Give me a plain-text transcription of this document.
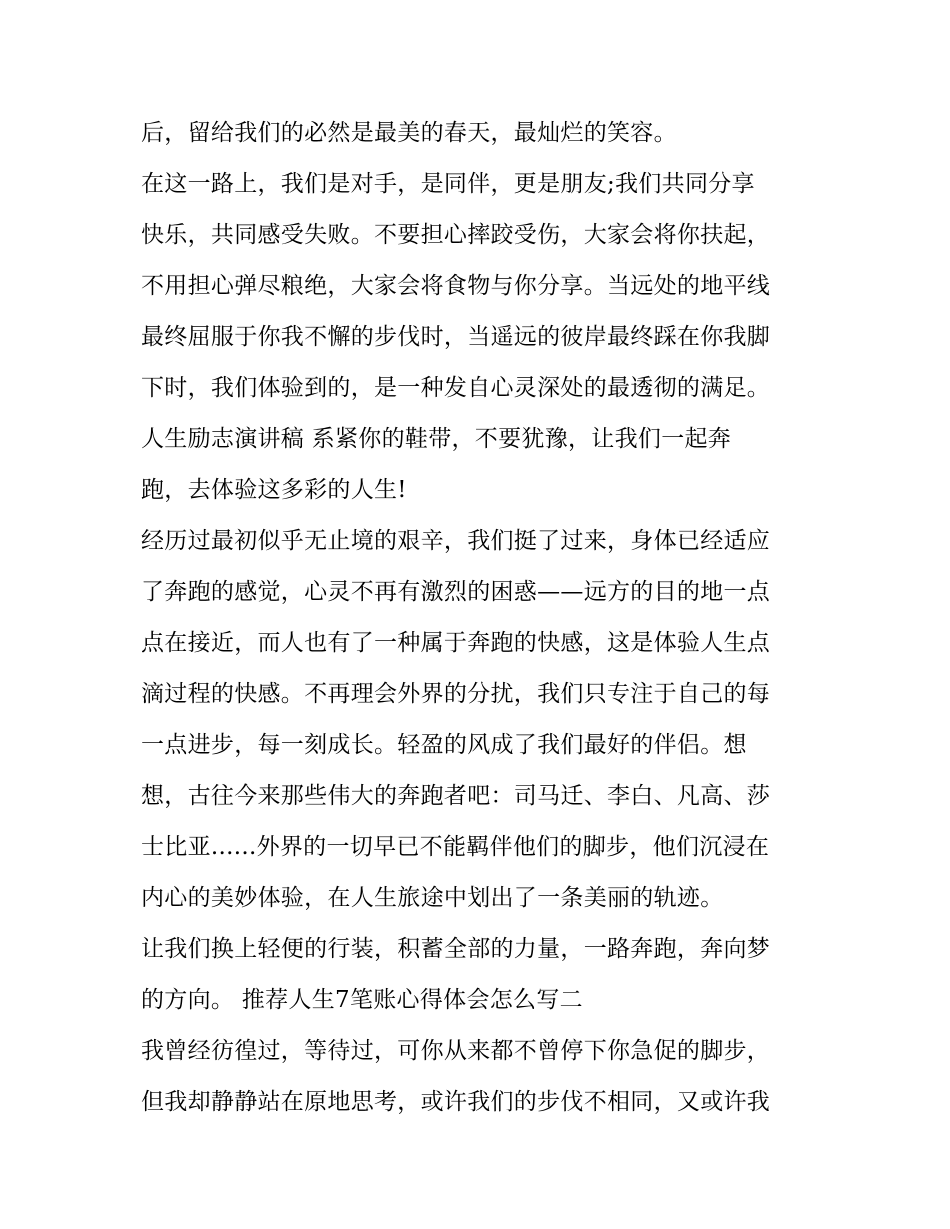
后，留给我们的必然是最美的春天，最灿烂的笑容。
在这一路上，我们是对手，是同伴，更是朋友;我们共同分享
快乐，共同感受失败。不要担心摔跤受伤，大家会将你扶起，
不用担心弹尽粮绝，大家会将食物与你分享。当远处的地平线
最终屈服于你我不懈的步伐时，当遥远的彼岸最终踩在你我脚
下时，我们体验到的，是一种发自心灵深处的最透彻的满足。
人生励志演讲稿 系紧你的鞋带，不要犹豫，让我们一起奔
跑，去体验这多彩的人生!
经历过最初似乎无止境的艰辛，我们挺了过来，身体已经适应
了奔跑的感觉，心灵不再有激烈的困惑——远方的目的地一点
点在接近，而人也有了一种属于奔跑的快感，这是体验人生点
滴过程的快感。不再理会外界的分扰，我们只专注于自己的每
一点进步，每一刻成长。轻盈的风成了我们最好的伴侣。想
想，古往今来那些伟大的奔跑者吧：司马迁、李白、凡高、莎
士比亚......外界的一切早已不能羁伴他们的脚步，他们沉浸在
内心的美妙体验，在人生旅途中划出了一条美丽的轨迹。
让我们换上轻便的行装，积蓄全部的力量，一路奔跑，奔向梦
的方向。 推荐人生7笔账心得体会怎么写二
我曾经彷徨过，等待过，可你从来都不曾停下你急促的脚步，
但我却静静站在原地思考，或许我们的步伐不相同，又或许我
